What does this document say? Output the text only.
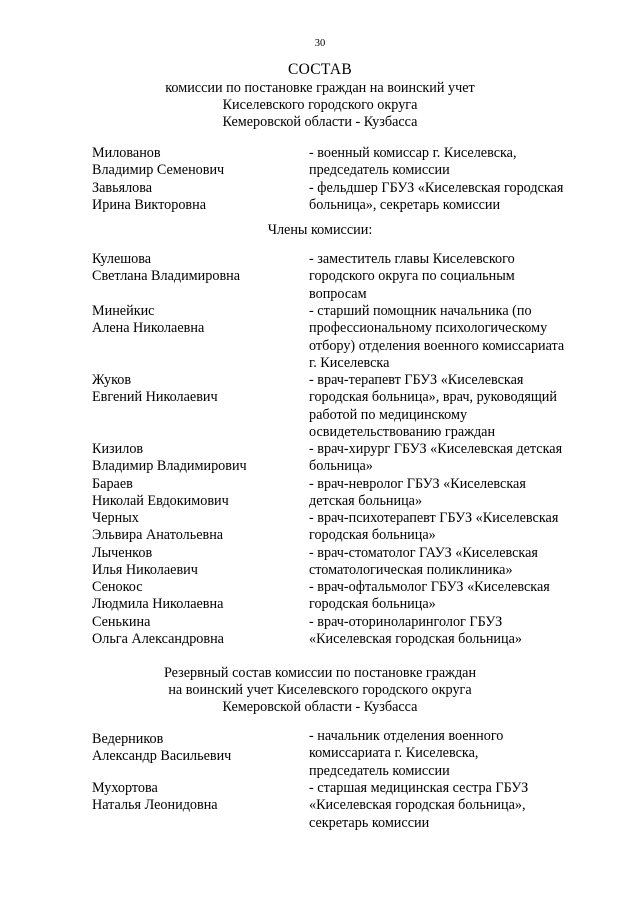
30
СОСТАВ
комиссии по постановке граждан на воинский учет
Киселевского городского округа
Кемеровской области - Кузбасса
Милованов
Владимир Семенович
- военный комиссар г. Киселевска,
председатель комиссии
Завьялова
Ирина Викторовна
- фельдшер ГБУЗ «Киселевская городская
больница», секретарь комиссии
Члены комиссии:
Кулешова
Светлана Владимировна
- заместитель главы Киселевского
городского округа по социальным
вопросам
Минейкис
Алена Николаевна
- старший помощник начальника (по
профессиональному психологическому
отбору) отделения военного комиссариата
г. Киселевска
Жуков
Евгений Николаевич
- врач-терапевт ГБУЗ «Киселевская
городская больница», врач, руководящий
работой по медицинскому
освидетельствованию граждан
Кизилов
Владимир Владимирович
- врач-хирург ГБУЗ «Киселевская детская
больница»
Бараев
Николай Евдокимович
- врач-невролог ГБУЗ «Киселевская
детская больница»
Черных
Эльвира Анатольевна
- врач-психотерапевт ГБУЗ «Киселевская
городская больница»
Лыченков
Илья Николаевич
- врач-стоматолог ГАУЗ «Киселевская
стоматологическая поликлиника»
Сенокос
Людмила Николаевна
- врач-офтальмолог ГБУЗ «Киселевская
городская больница»
Сенькина
Ольга Александровна
- врач-оториноларинголог ГБУЗ
«Киселевская городская больница»
Резервный состав комиссии по постановке граждан
на воинский учет Киселевского городского округа
Кемеровской области - Кузбасса
Ведерников
Александр Васильевич
- начальник отделения военного
комиссариата г. Киселевска,
председатель комиссии
Мухортова
Наталья Леонидовна
- старшая медицинская сестра ГБУЗ
«Киселевская городская больница»,
секретарь комиссии
